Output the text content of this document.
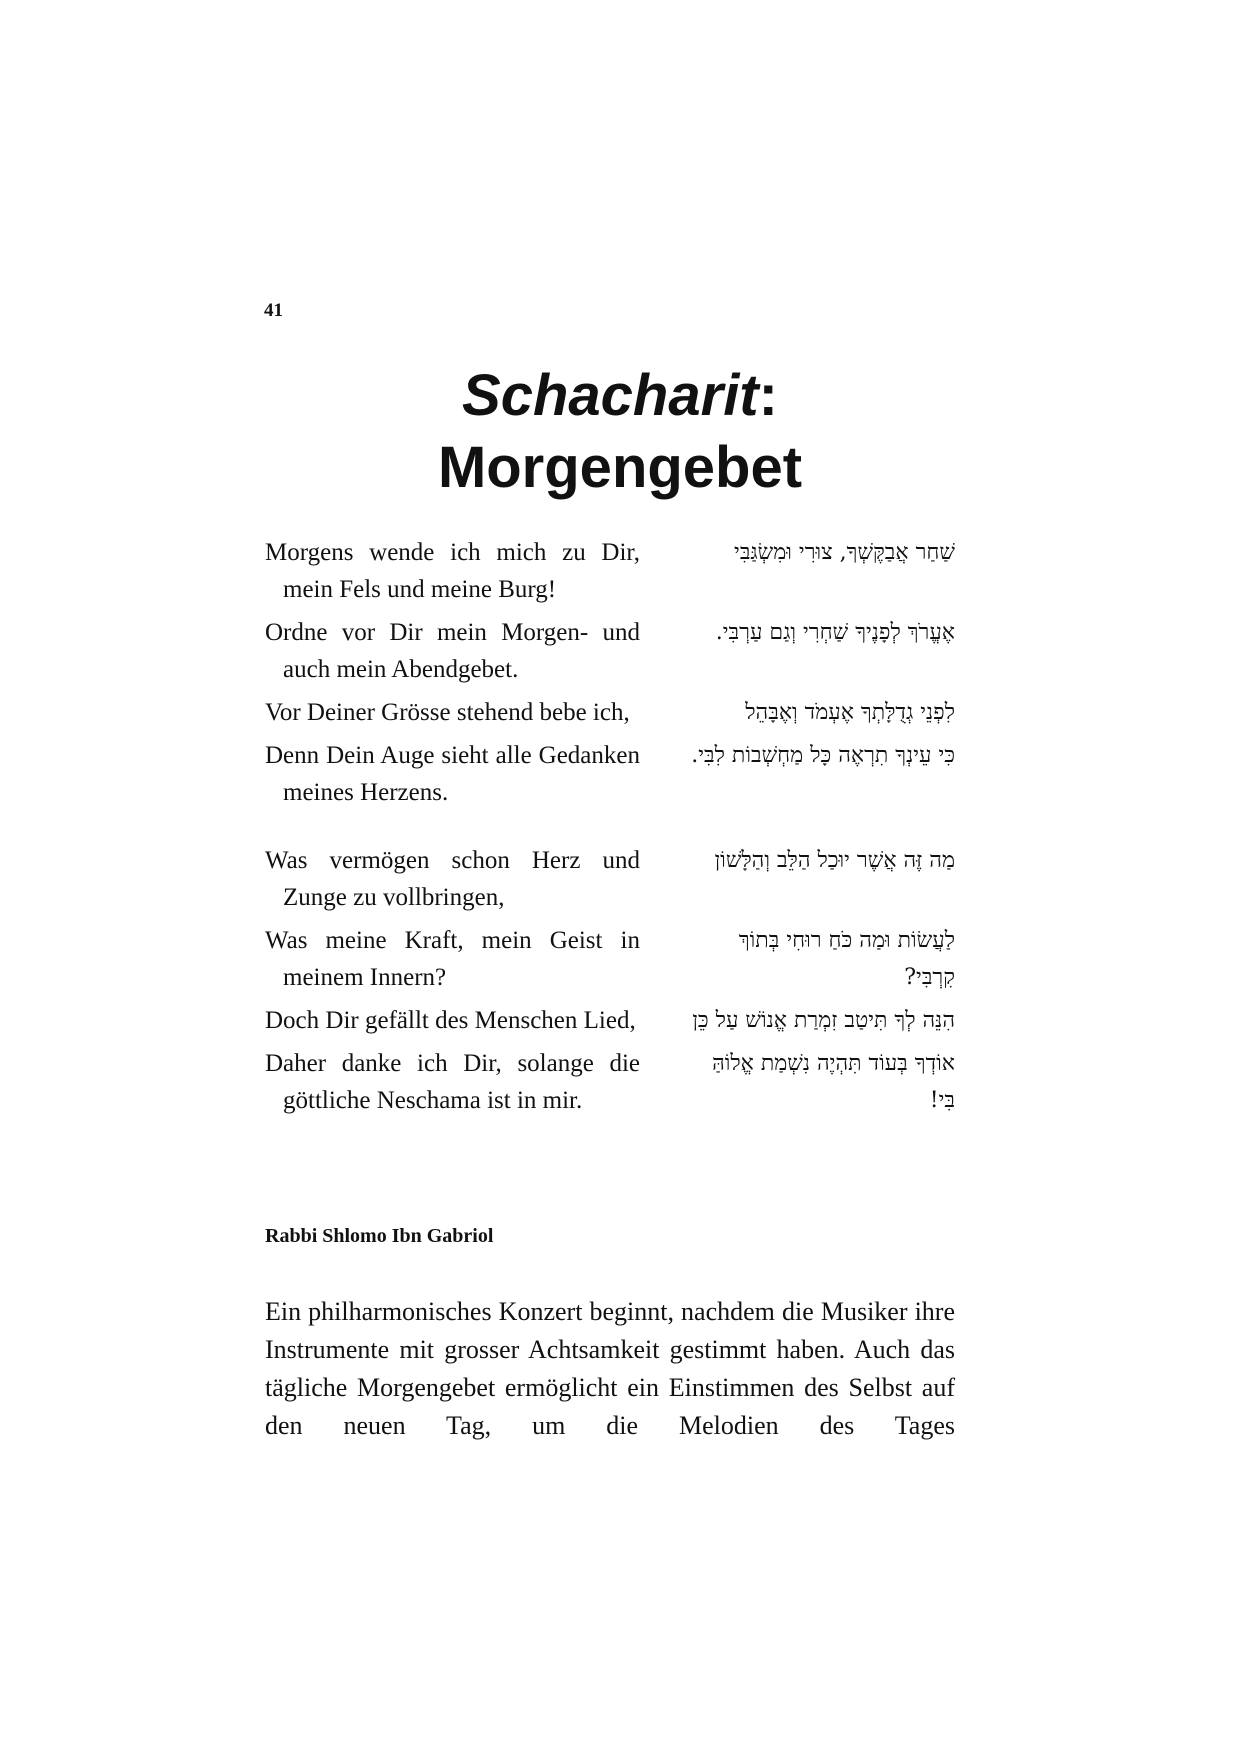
41
Schacharit:
Morgengebet
Morgens wende ich mich zu Dir, mein Fels und meine Burg!
שַׁחַר אֲבַקֶּשְׁךָ, צוּרִי וּמִשְׂגַּבִּי
Ordne vor Dir mein Morgen- und auch mein Abendgebet.
אֶעֱרֹךְ לְפָנֶיךָ שַׁחְרִי וְגַם עַרְבִּי.
Vor Deiner Grösse stehend bebe ich,	לִפְנֵי גְדֻלָּתְךָ אֶעְמֹד וְאֶבָּהֵל
Denn Dein Auge sieht alle Gedanken meines Herzens.
כִּי עֵינְךָ תִרְאֶה כָּל מַחְשְׁבוֹת לִבִּי.
Was vermögen schon Herz und Zunge zu vollbringen,
מַה זֶּה אֲשֶׁר יוּכַל הַלֵּב וְהַלָּשׁוֹן
Was meine Kraft, mein Geist in meinem Innern?
לַעֲשׂוֹת וּמַה כֹּחַ רוּחִי בְּתוֹךְ קִרְבִּי?
Doch Dir gefällt des Menschen Lied,	הִנֵּה לְךָ תִּיטַב זִמְרַת אֱנוֹשׁ עַל כֵּן
Daher danke ich Dir, solange die göttliche Neschama ist in mir.
אוֹדְךָ בְּעוֹד תִּהְיֶה נִשְׁמַת אֱלוֹהַּ בִּי!
Rabbi Shlomo Ibn Gabriol

Ein philharmonisches Konzert beginnt, nachdem die Musiker ihre Instrumente mit grosser Achtsamkeit gestimmt haben. Auch das tägliche Morgengebet ermöglicht ein Einstimmen des Selbst auf den neuen Tag, um die Melodien des Tages
